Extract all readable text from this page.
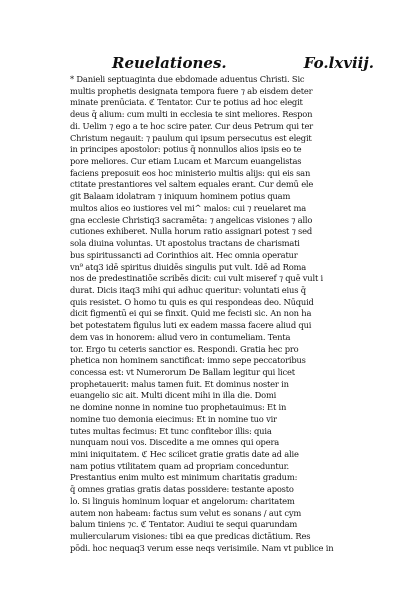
Reuelationes.	Fo.lxviij.
* Danieli septuaginta due ebdomade aduentus Christi. Sic
multis prophetis designata tempora fuere ⁊ ab eisdem deter
minate prenūciata. ℭ Tentator. Cur te potius ad hoc elegit
deus q̄ alium: cum multi in ecclesia te sint meliores. Respon
di. Uelim ⁊ ego a te hoc scire pater. Cur deus Petrum qui ter
Christum negauit: ⁊ paulum qui ipsum persecutus est elegit
in principes apostolor: potius q̄ nonnullos alios ipsis eo te
pore meliores. Cur etiam Lucam et Marcum euangelistas
faciens preposuit eos hoc ministerio multis alijs: qui eis san
ctitate prestantiores vel saltem equales erant. Cur demū ele
git Balaam idolatram ⁊ iniquum hominem potius quam
multos alios eo iustiores vel mi^ malos: cui ⁊ reuelaret ma
gna ecclesie Christiq3 sacramēta: ⁊ angelicas visiones ⁊ allo
cutiones exhiberet. Nulla horum ratio assignari potest ⁊ sed
sola diuina voluntas. Ut apostolus tractans de charismati
bus spiritussancti ad Corinthios ait. Hec omnia operatur
vn⁹ atq3 idē spiritus diuidēs singulis put vult. Idē ad Roma
nos de predestinatiōe scribēs dicit: cui vult miseref ⁊ quē vult i
durat. Dicis itaq3 mihi qui adhuc queritur: voluntati eius q̄
quis resistet. O homo tu quis es qui respondeas deo. Nūquid
dicit figmentū ei qui se finxit. Quid me fecisti sic. An non ha
bet potestatem figulus luti ex eadem massa facere aliud qui
dem vas in honorem: aliud vero in contumeliam. Tenta
tor. Ergo tu ceteris sanctior es. Respondi. Gratia hec pro
phetica non hominem sanctificat: immo sepe peccatoribus
concessa est: vt Numerorum De Ballam legitur qui licet
prophetauerit: malus tamen fuit. Et dominus noster in
euangelio sic ait. Multi dicent mihi in illa die. Domi
ne domine nonne in nomine tuo prophetauimus: Et in
nomine tuo demonia eiecimus: Et in nomine tuo vir
tutes multas fecimus: Et tunc confitebor illis: quia
nunquam noui vos. Discedite a me omnes qui opera
mini iniquitatem. ℭ Hec scilicet gratie gratis date ad alie
nam potius vtilitatem quam ad propriam conceduntur.
Prestantius enim multo est minimum charitatis gradum:
q̄ omnes gratias gratis datas possidere: testante aposto
lo. Si linguis hominum loquar et angelorum: charitatem
autem non habeam: factus sum velut es sonans / aut cym
balum tiniens ⁊c. ℭ Tentator. Audiui te sequi quarundam
muliercularum visiones: tibi ea que predicas dictātium. Res
pōdi. hoc nequaq3 verum esse neqs verisimile. Nam vt publice in
